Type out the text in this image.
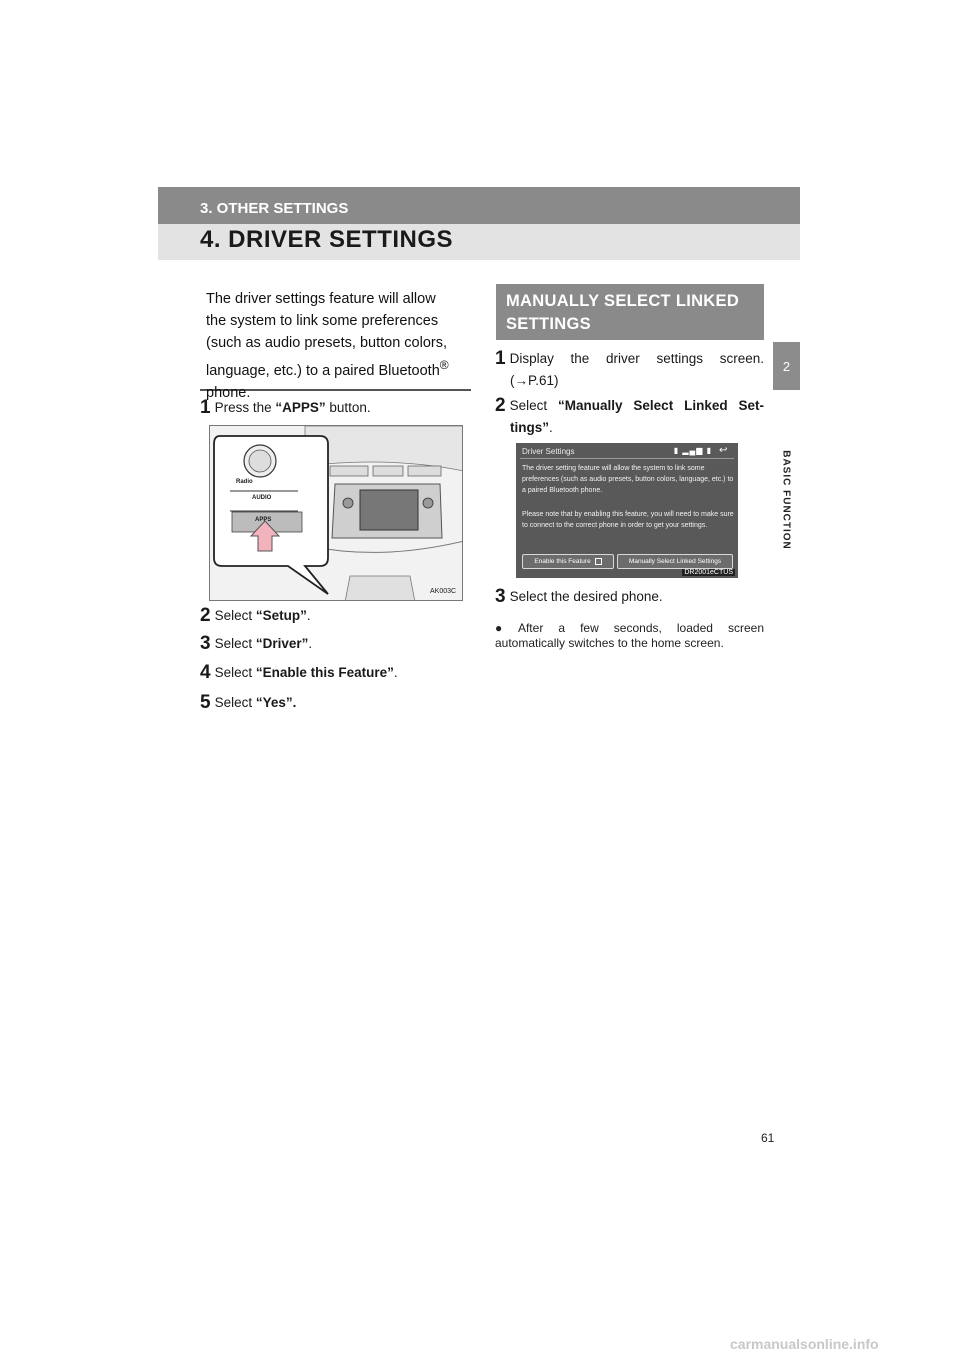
3. OTHER SETTINGS
4. DRIVER SETTINGS
2
BASIC FUNCTION
The driver settings feature will allow
the system to link some preferences
(such as audio presets, button colors,
language, etc.) to a paired Bluetooth®
phone.
1 Press the “APPS” button.
Radio
AUDIO
APPS
AK003C
2 Select “Setup”.
3 Select “Driver”.
4 Select “Enable this Feature”.
5 Select “Yes”.
MANUALLY SELECT LINKED
SETTINGS
1 Display the driver settings screen.
(→P.61)
2 Select “Manually Select Linked Set-
tings”.
Driver Settings	▮ ▂▄▆ ▮ ↩
The driver setting feature will allow the system to link some preferences (such as audio presets, button colors, language, etc.) to a paired Bluetooth phone.
Please note that by enabling this feature, you will need to make sure to connect to the correct phone in order to get your settings.
Enable this Feature	Manually Select Linked Settings
DR2001eCTUS
3 Select the desired phone.
● After a few seconds, loaded screen automatically switches to the home screen.
61
carmanualsonline.info
